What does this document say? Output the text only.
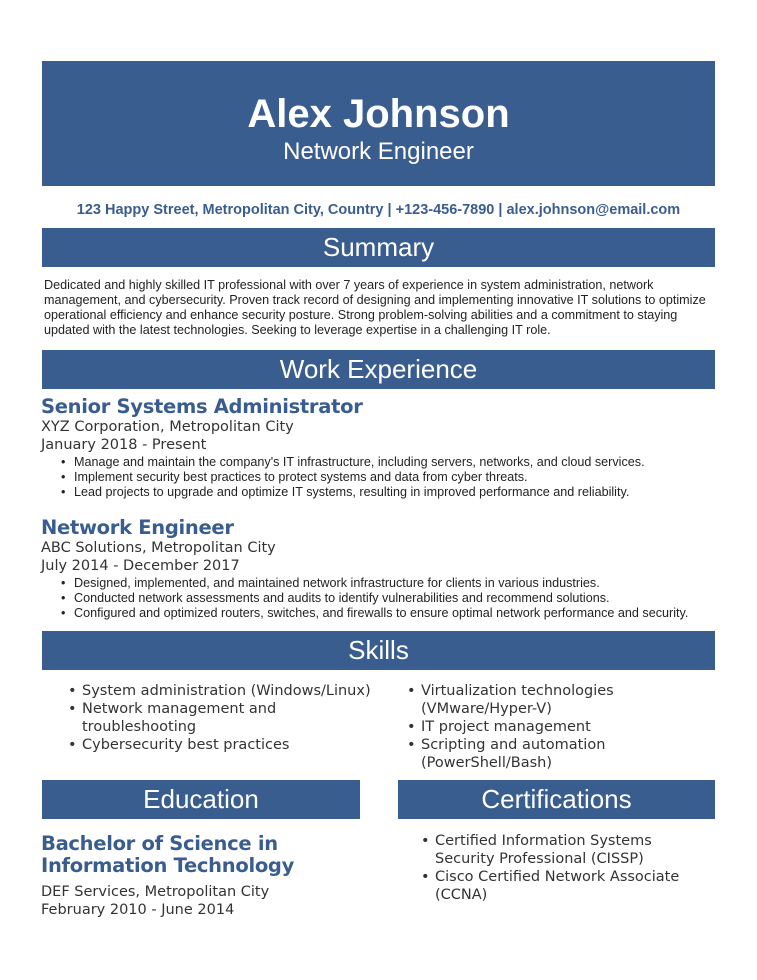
Alex Johnson
Network Engineer
123 Happy Street, Metropolitan City, Country | +123-456-7890 | alex.johnson@email.com
Summary
Dedicated and highly skilled IT professional with over 7 years of experience in system administration, network management, and cybersecurity. Proven track record of designing and implementing innovative IT solutions to optimize operational efficiency and enhance security posture. Strong problem-solving abilities and a commitment to staying updated with the latest technologies. Seeking to leverage expertise in a challenging IT role.
Work Experience
Senior Systems Administrator
XYZ Corporation, Metropolitan City
January 2018 - Present
• Manage and maintain the company's IT infrastructure, including servers, networks, and cloud services.
• Implement security best practices to protect systems and data from cyber threats.
• Lead projects to upgrade and optimize IT systems, resulting in improved performance and reliability.
Network Engineer
ABC Solutions, Metropolitan City
July 2014 - December 2017
• Designed, implemented, and maintained network infrastructure for clients in various industries.
• Conducted network assessments and audits to identify vulnerabilities and recommend solutions.
• Configured and optimized routers, switches, and firewalls to ensure optimal network performance and security.
Skills
• System administration (Windows/Linux)
• Network management and troubleshooting
• Cybersecurity best practices
• Virtualization technologies (VMware/Hyper-V)
• IT project management
• Scripting and automation (PowerShell/Bash)
Education	Certifications
Bachelor of Science in Information Technology
DEF Services, Metropolitan City
February 2010 - June 2014
• Certified Information Systems Security Professional (CISSP)
• Cisco Certified Network Associate (CCNA)
